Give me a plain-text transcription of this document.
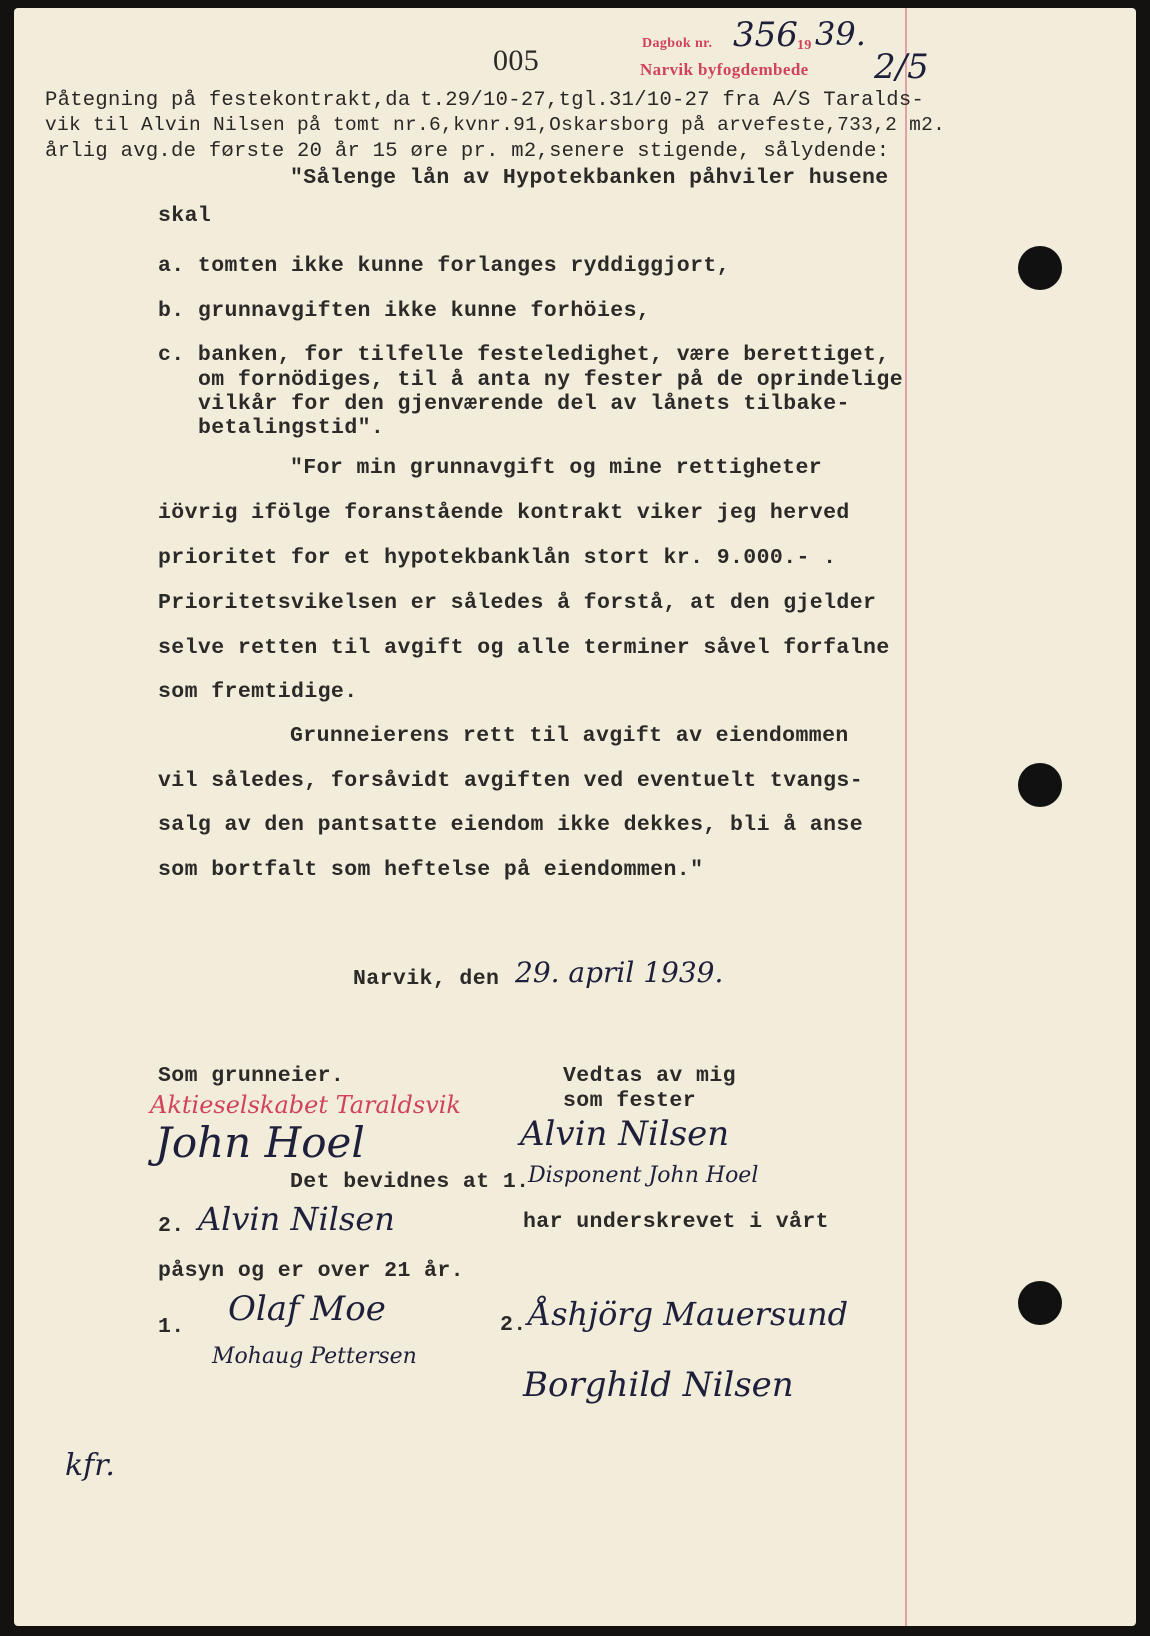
005
Dagbok nr. 356 19 39.
Narvik byfogdembede 2/5
Påtegning på festekontrakt,da t.29/10-27,tgl.31/10-27 fra A/S Taralds-
vik til Alvin Nilsen på tomt nr.6,kvnr.91,Oskarsborg på arvefeste,733,2 m2.
årlig avg.de første 20 år 15 øre pr. m2,senere stigende, sålydende:
"Sålenge lån av Hypotekbanken påhviler husene
skal
a. tomten ikke kunne forlanges ryddiggjort,
b. grunnavgiften ikke kunne forhöies,
c. banken, for tilfelle festeledighet, være berettiget,
om fornödiges, til å anta ny fester på de oprindelige
vilkår for den gjenværende del av lånets tilbake-
betalingstid".
"For min grunnavgift og mine rettigheter
iövrig ifölge foranstående kontrakt viker jeg herved
prioritet for et hypotekbanklån stort kr. 9.000.- .
Prioritetsvikelsen er således å forstå, at den gjelder
selve retten til avgift og alle terminer såvel forfalne
som fremtidige.
Grunneierens rett til avgift av eiendommen
vil således, forsåvidt avgiften ved eventuelt tvangs-
salg av den pantsatte eiendom ikke dekkes, bli å anse
som bortfalt som heftelse på eiendommen."
Narvik, den 29. april 1939.
Som grunneier.	Vedtas av mig
som fester
Aktieselskabet Taraldsvik
John Hoel	Alvin Nilsen
Det bevidnes at 1.
Disponent John Hoel
2. Alvin Nilsen	har underskrevet i vårt
påsyn og er over 21 år.
1. Olaf Moe
Mohaug Pettersen
2. Åshjörg Mauersund
Borghild Nilsen
kfr.
